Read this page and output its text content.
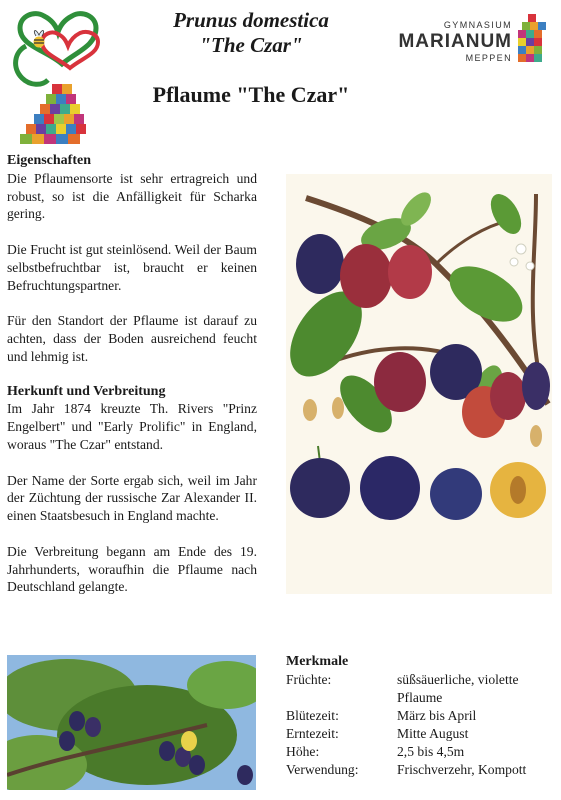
Prunus domestica

"The Czar"

Pflaume "The Czar"
GYMNASIUM
MARIANUM
MEPPEN
Eigenschaften

Die Pflaumensorte ist sehr ertragreich und robust, so ist die Anfälligkeit für Scharka gering.

Die Frucht ist gut steinlösend. Weil der Baum selbstbefruchtbar ist, braucht er keinen Befruchtungspartner.

Für den Standort der Pflaume ist darauf zu achten, dass der Boden ausreichend feucht und lehmig ist.

Herkunft und Verbreitung

Im Jahr 1874 kreuzte Th. Rivers "Prinz Engelbert" und "Early Prolific" in England, woraus "The Czar" entstand.

Der Name der Sorte ergab sich, weil im Jahr der Züchtung der russische Zar Alexander II. einen Staatsbesuch in England machte.

Die Verbreitung begann am Ende des 19. Jahrhunderts, woraufhin die Pflaume nach Deutschland gelangte.

Merkmale
Früchte:	süßsäuerliche, violette Pflaume
Blütezeit:	März bis April
Erntezeit:	Mitte August
Höhe:	2,5 bis 4,5m
Verwendung:	Frischverzehr, Kompott
